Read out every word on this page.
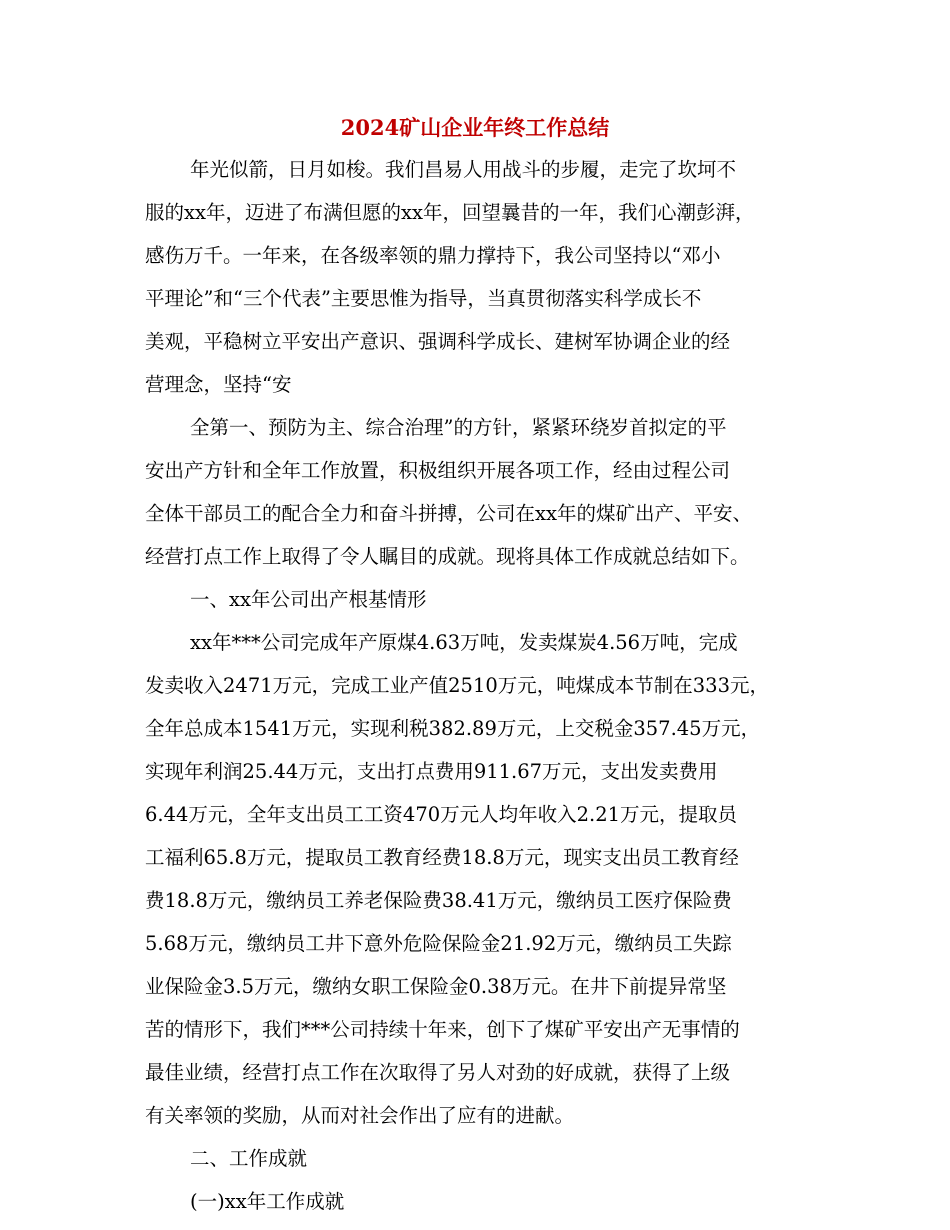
2024矿山企业年终工作总结
年光似箭，日月如梭。我们昌易人用战斗的步履，走完了坎坷不
服的xx年，迈进了布满但愿的xx年，回望曩昔的一年，我们心潮彭湃，
感伤万千。一年来，在各级率领的鼎力撑持下，我公司坚持以“邓小
平理论”和“三个代表”主要思惟为指导，当真贯彻落实科学成长不
美观，平稳树立平安出产意识、强调科学成长、建树军协调企业的经
营理念，坚持“安
全第一、预防为主、综合治理”的方针，紧紧环绕岁首拟定的平
安出产方针和全年工作放置，积极组织开展各项工作，经由过程公司
全体干部员工的配合全力和奋斗拼搏，公司在xx年的煤矿出产、平安、
经营打点工作上取得了令人瞩目的成就。现将具体工作成就总结如下。
一、xx年公司出产根基情形
xx年***公司完成年产原煤4.63万吨，发卖煤炭4.56万吨，完成
发卖收入2471万元，完成工业产值2510万元，吨煤成本节制在333元，
全年总成本1541万元，实现利税382.89万元，上交税金357.45万元，
实现年利润25.44万元，支出打点费用911.67万元，支出发卖费用
6.44万元，全年支出员工工资470万元人均年收入2.21万元，提取员
工福利65.8万元，提取员工教育经费18.8万元，现实支出员工教育经
费18.8万元，缴纳员工养老保险费38.41万元，缴纳员工医疗保险费
5.68万元，缴纳员工井下意外危险保险金21.92万元，缴纳员工失踪
业保险金3.5万元，缴纳女职工保险金0.38万元。在井下前提异常坚
苦的情形下，我们***公司持续十年来，创下了煤矿平安出产无事情的
最佳业绩，经营打点工作在次取得了另人对劲的好成就，获得了上级
有关率领的奖励，从而对社会作出了应有的进献。
二、工作成就
(一)xx年工作成就
